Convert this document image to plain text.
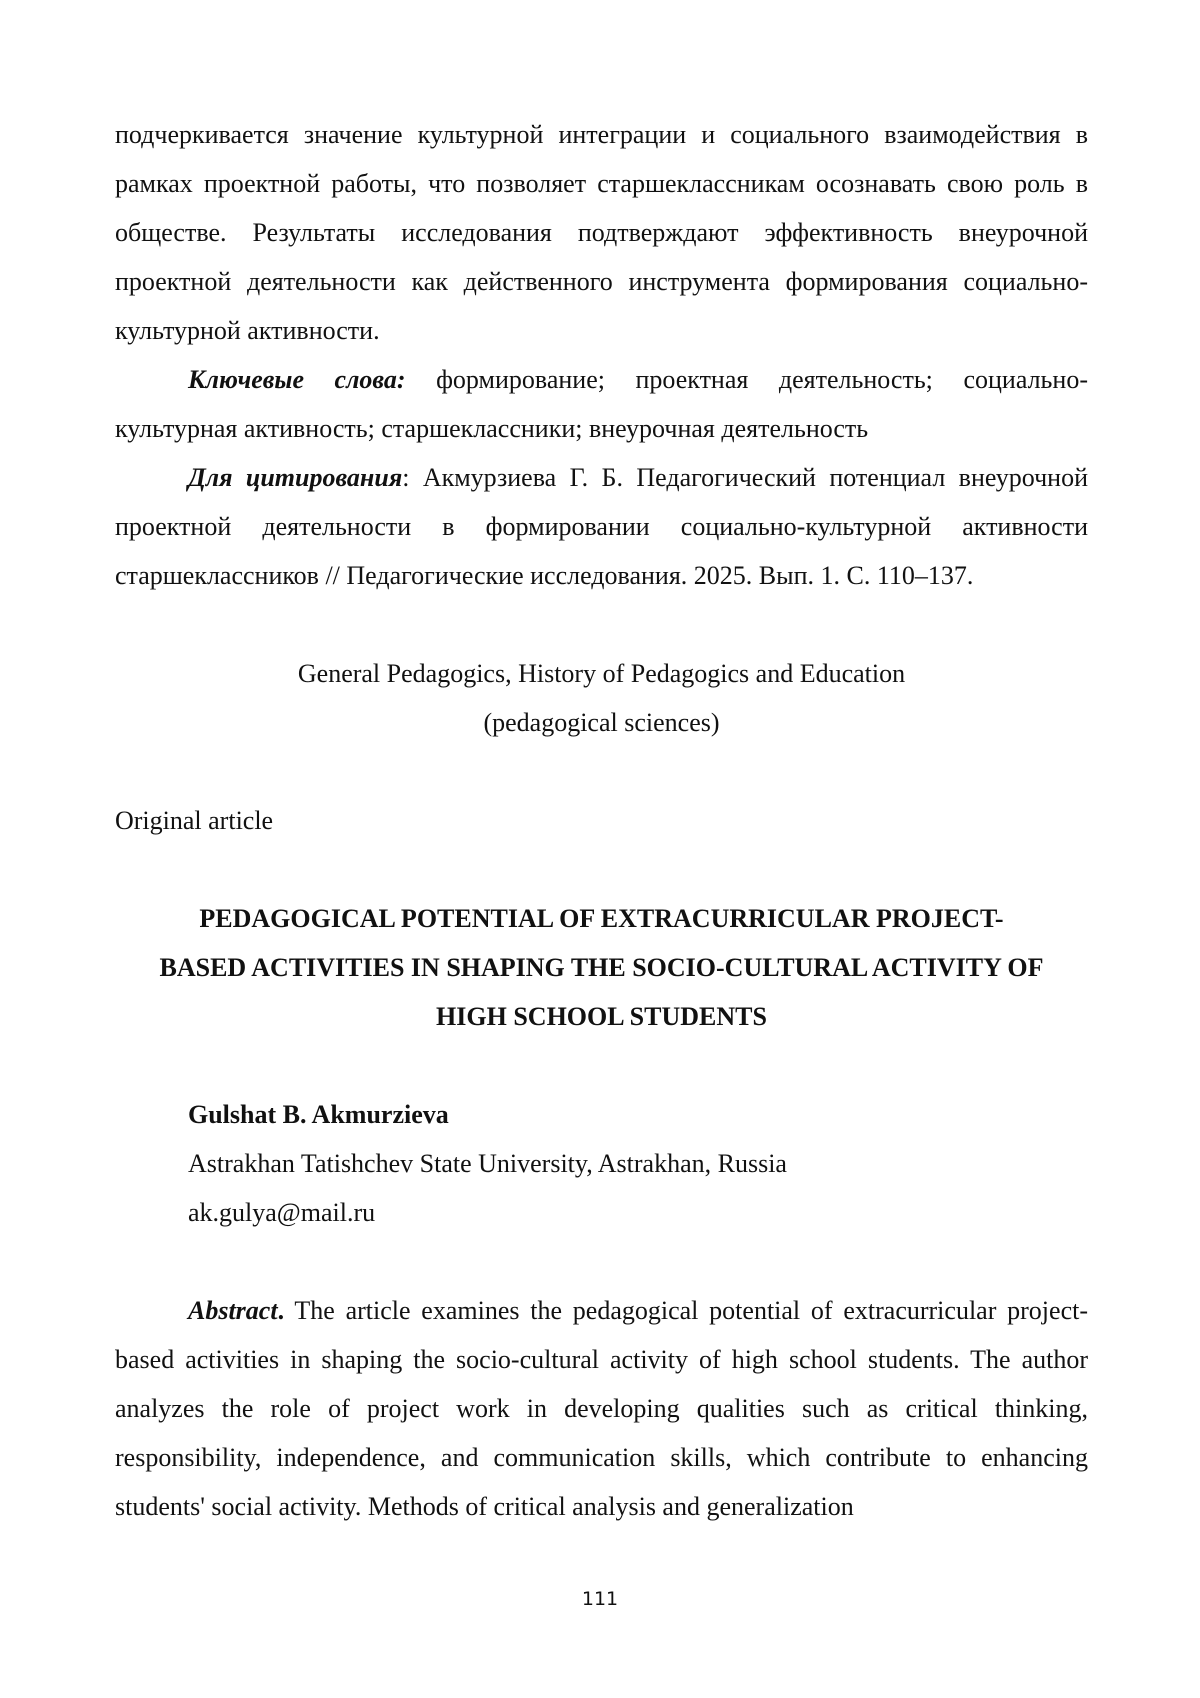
подчеркивается значение культурной интеграции и социального взаимодействия в рамках проектной работы, что позволяет старшеклассникам осознавать свою роль в обществе. Результаты исследования подтверждают эффективность внеурочной проектной деятельности как действенного инструмента формирования социально-культурной активности.

Ключевые слова: формирование; проектная деятельность; социально-культурная активность; старшеклассники; внеурочная деятельность

Для цитирования: Акмурзиева Г. Б. Педагогический потенциал внеурочной проектной деятельности в формировании социально-культурной активности старшеклассников // Педагогические исследования. 2025. Вып. 1. С. 110–137.

General Pedagogics, History of Pedagogics and Education
(pedagogical sciences)
Original article
PEDAGOGICAL POTENTIAL OF EXTRACURRICULAR PROJECT-
BASED ACTIVITIES IN SHAPING THE SOCIO-CULTURAL ACTIVITY OF
HIGH SCHOOL STUDENTS
Gulshat B. Akmurzieva
Astrakhan Tatishchev State University, Astrakhan, Russia
ak.gulya@mail.ru

Abstract. The article examines the pedagogical potential of extracurricular project-based activities in shaping the socio-cultural activity of high school students. The author analyzes the role of project work in developing qualities such as critical thinking, responsibility, independence, and communication skills, which contribute to enhancing students' social activity. Methods of critical analysis and generalization

111
